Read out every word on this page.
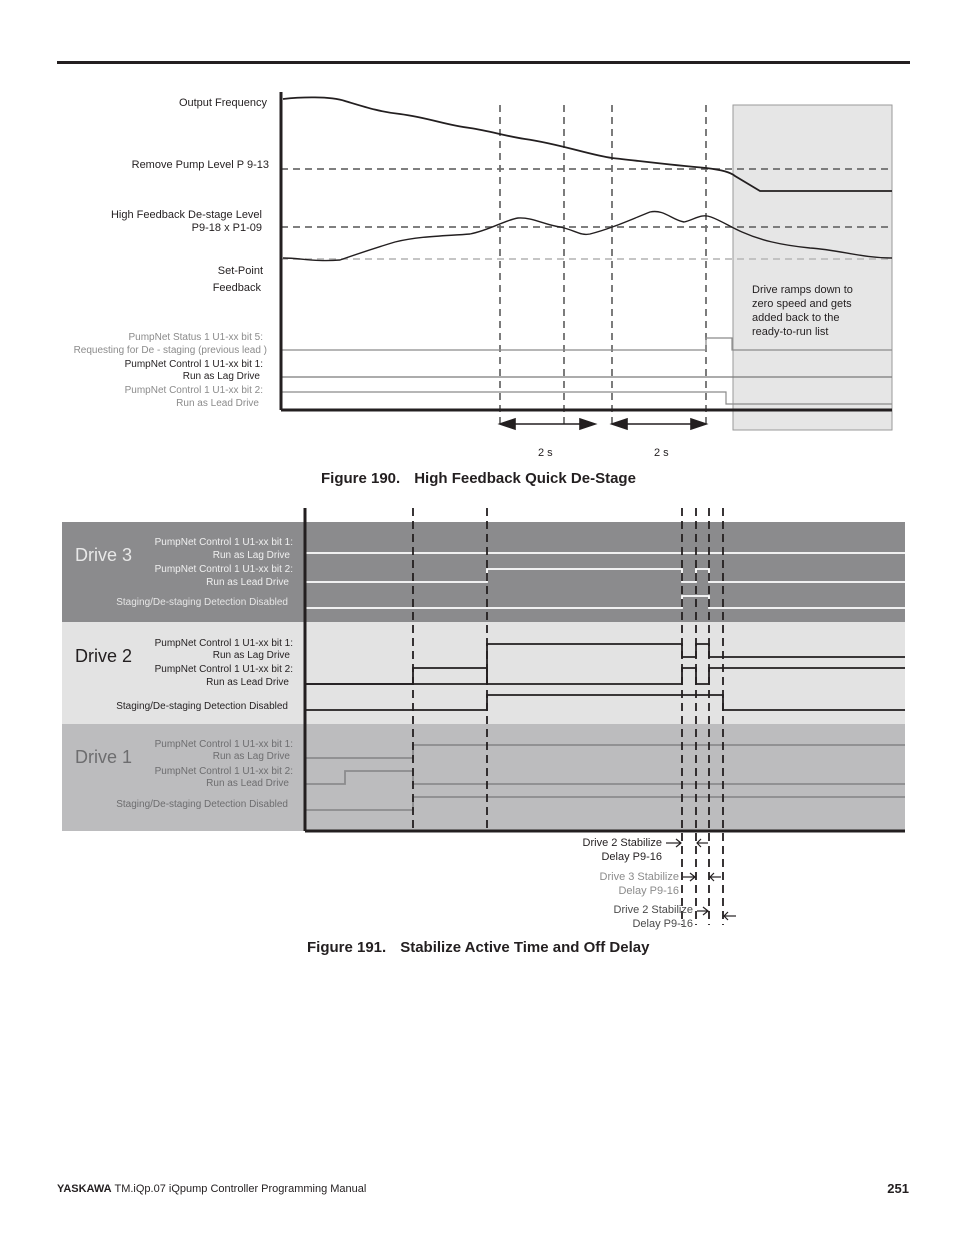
Output Frequency
Remove Pump Level P 9-13
High Feedback De-stage Level
P9-18 x P1-09
Set-Point
Feedback
PumpNet Status 1 U1-xx bit 5:
Requesting for De - staging (previous lead )
PumpNet Control 1 U1-xx bit 1:
Run as Lag Drive
PumpNet Control 1 U1-xx bit 2:
Run as Lead Drive
Drive ramps down to
zero speed and gets
added back to the
ready-to-run list
2 s	2 s
Figure 190. High Feedback Quick De-Stage
Drive 3
PumpNet Control 1 U1-xx bit 1:
Run as Lag Drive
PumpNet Control 1 U1-xx bit 2:
Run as Lead Drive
Staging/De-staging Detection Disabled
Drive 2
PumpNet Control 1 U1-xx bit 1:
Run as Lag Drive
PumpNet Control 1 U1-xx bit 2:
Run as Lead Drive
Staging/De-staging Detection Disabled
Drive 1
PumpNet Control 1 U1-xx bit 1:
Run as Lag Drive
PumpNet Control 1 U1-xx bit 2:
Run as Lead Drive
Staging/De-staging Detection Disabled
Drive 2 Stabilize
Delay P9-16
Drive 3 Stabilize
Delay P9-16
Drive 2 Stabilize
Delay P9-16
Figure 191. Stabilize Active Time and Off Delay
YASKAWA TM.iQp.07 iQpump Controller Programming Manual	251
